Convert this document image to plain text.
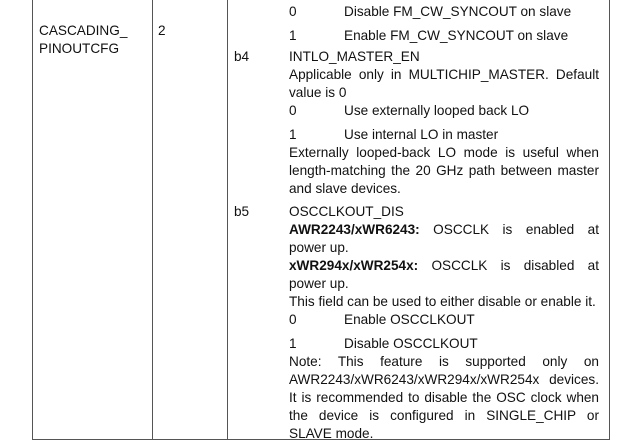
CASCADING_
PINOUTCFG
2
0	Disable FM_CW_SYNCOUT on slave
1	Enable FM_CW_SYNCOUT on slave
b4	INTLO_MASTER_EN

Applicable only in MULTICHIP_MASTER. Default value is 0

0	Use externally looped back LO
1	Use internal LO in master

Externally looped-back LO mode is useful when length-matching the 20 GHz path between master and slave devices.

b5	OSCCLKOUT_DIS

AWR2243/xWR6243: OSCCLK is enabled at power up.

xWR294x/xWR254x: OSCCLK is disabled at power up.

This field can be used to either disable or enable it.

0	Enable OSCCLKOUT
1	Disable OSCCLKOUT

Note: This feature is supported only on AWR2243/xWR6243/xWR294x/xWR254x devices. It is recommended to disable the OSC clock when the device is configured in SINGLE_CHIP or SLAVE mode.
